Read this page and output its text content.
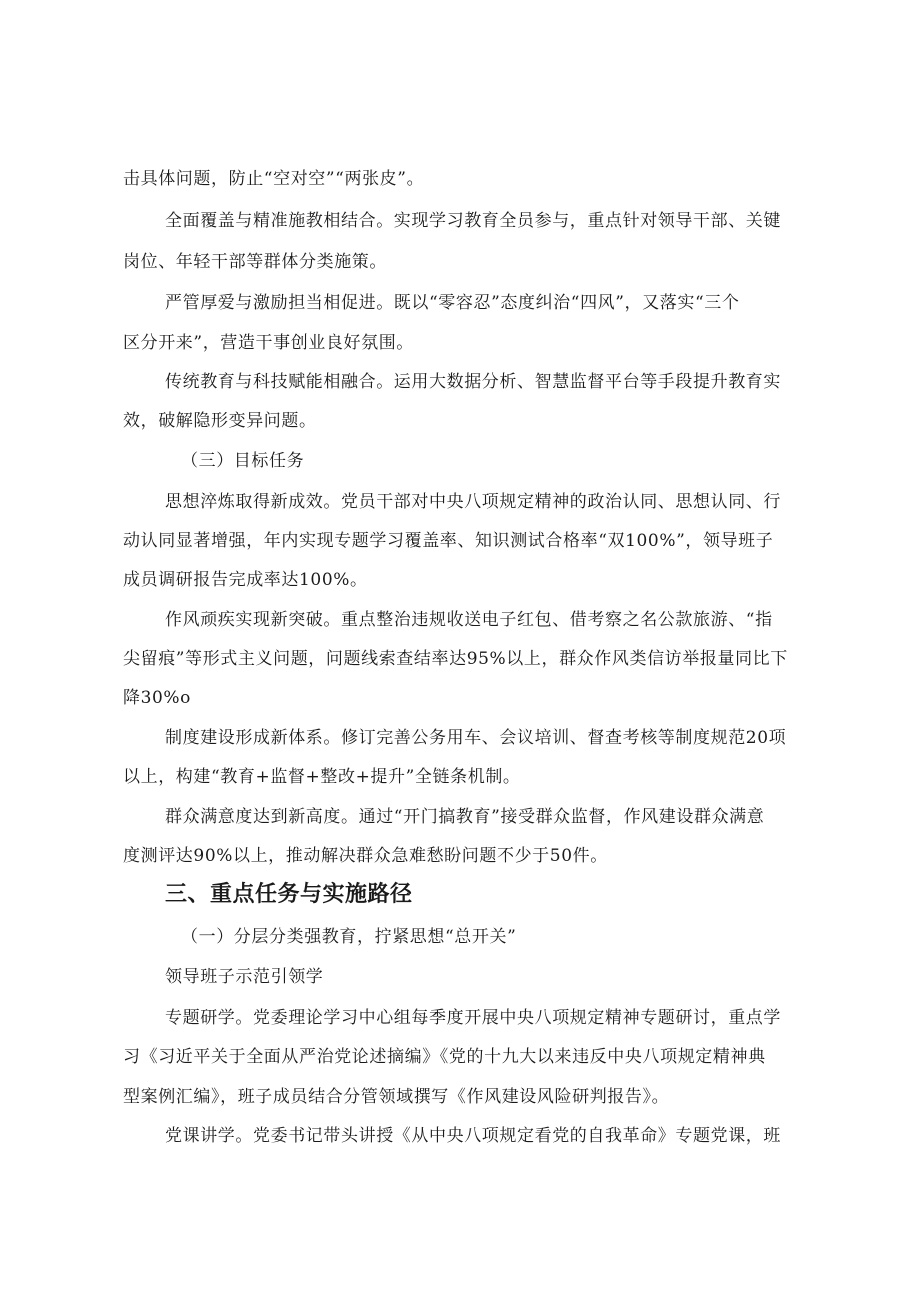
击具体问题，防止“空对空”“两张皮”。
全面覆盖与精准施教相结合。实现学习教育全员参与，重点针对领导干部、关键
岗位、年轻干部等群体分类施策。
严管厚爱与激励担当相促进。既以“零容忍”态度纠治“四风”，又落实“三个
区分开来”，营造干事创业良好氛围。
传统教育与科技赋能相融合。运用大数据分析、智慧监督平台等手段提升教育实
效，破解隐形变异问题。
（三）目标任务
思想淬炼取得新成效。党员干部对中央八项规定精神的政治认同、思想认同、行
动认同显著增强，年内实现专题学习覆盖率、知识测试合格率“双100%”，领导班子
成员调研报告完成率达100%。
作风顽疾实现新突破。重点整治违规收送电子红包、借考察之名公款旅游、“指
尖留痕”等形式主义问题，问题线索查结率达95%以上，群众作风类信访举报量同比下
降30%o
制度建设形成新体系。修订完善公务用车、会议培训、督查考核等制度规范20项
以上，构建“教育+监督+整改+提升”全链条机制。
群众满意度达到新高度。通过“开门搞教育”接受群众监督，作风建设群众满意
度测评达90%以上，推动解决群众急难愁盼问题不少于50件。
三、重点任务与实施路径
（一）分层分类强教育，拧紧思想“总开关”
领导班子示范引领学
专题研学。党委理论学习中心组每季度开展中央八项规定精神专题研讨，重点学
习《习近平关于全面从严治党论述摘编》《党的十九大以来违反中央八项规定精神典
型案例汇编》，班子成员结合分管领域撰写《作风建设风险研判报告》。
党课讲学。党委书记带头讲授《从中央八项规定看党的自我革命》专题党课，班
